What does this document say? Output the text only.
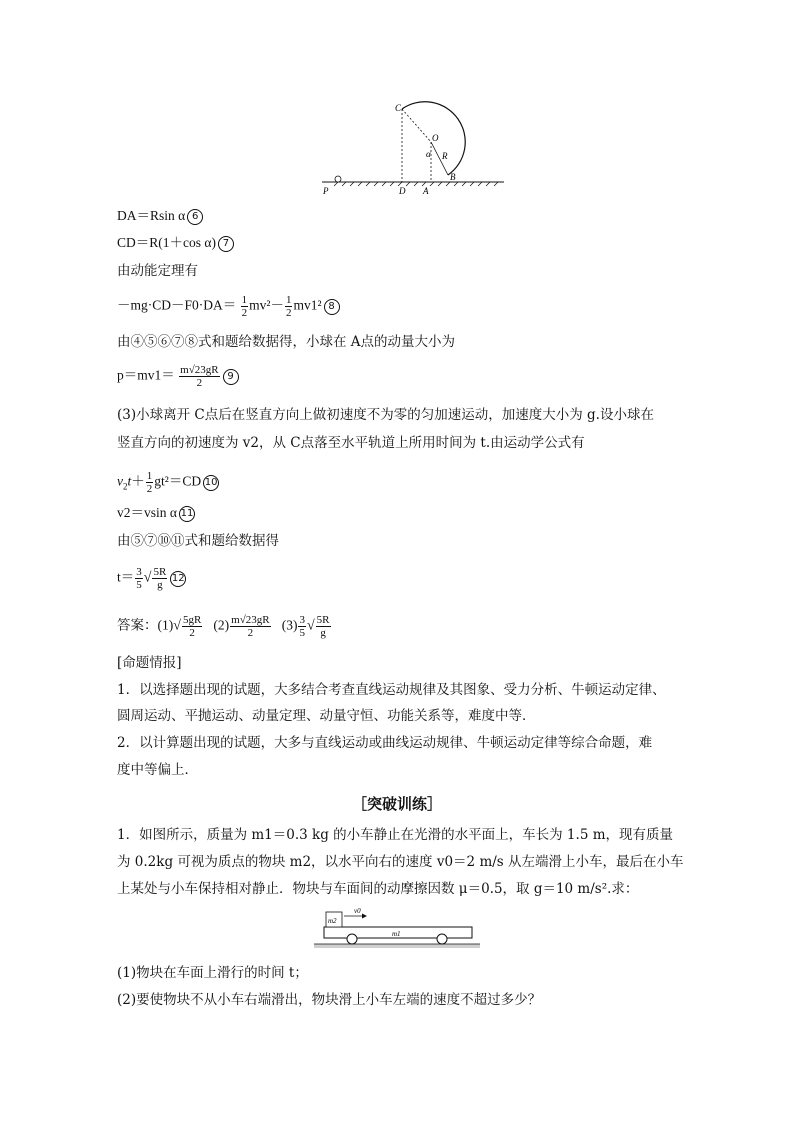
C
O
α R
B
P	D A
DA＝Rsin α 6
CD＝R(1＋cos α) 7
由动能定理有
$-mg\cdot CD-F0\cdot DA= \frac{1}{2} mv^2- \frac{1}{2} mv1^2$ 8
由④⑤⑥⑦⑧式和题给数据得，小球在 A点的动量大小为
$p=mv1= \frac{m√23gR}{2} 9$
(3)小球离开 C点后在竖直方向上做初速度不为零的匀加速运动，加速度大小为 g.设小球在
竖直方向的初速度为 v2，从 C点落至水平轨道上所用时间为 t.由运动学公式有
$v_2t+ \frac{1}{2} gt^2=CD$ 10
v2＝vsin α 11
由⑤⑦⑩⑪式和题给数据得
$t= \frac{3}{5}$ √ $\frac{5R}{g} 12$
答案：$(1)√ \frac{5gR}{2} (2) \frac{m√23gR}{2} (3) \frac{3}{5}$ √ $\frac{5R}{g}$
[命题情报]
1．以选择题出现的试题，大多结合考查直线运动规律及其图象、受力分析、牛顿运动定律、
圆周运动、平抛运动、动量定理、动量守恒、功能关系等，难度中等．
2．以计算题出现的试题，大多与直线运动或曲线运动规律、牛顿运动定律等综合命题，难
度中等偏上．
［突破训练］
1．如图所示，质量为 m1＝0.3 kg 的小车静止在光滑的水平面上，车长为 1.5 m，现有质量
为 0.2kg 可视为质点的物块 m2，以水平向右的速度 v0＝2 m/s 从左端滑上小车，最后在小车
上某处与小车保持相对静止．物块与车面间的动摩擦因数 μ＝0.5，取 g＝10 m/s².求：
m2
v0
m1
(1)物块在车面上滑行的时间 t；
(2)要使物块不从小车右端滑出，物块滑上小车左端的速度不超过多少？
